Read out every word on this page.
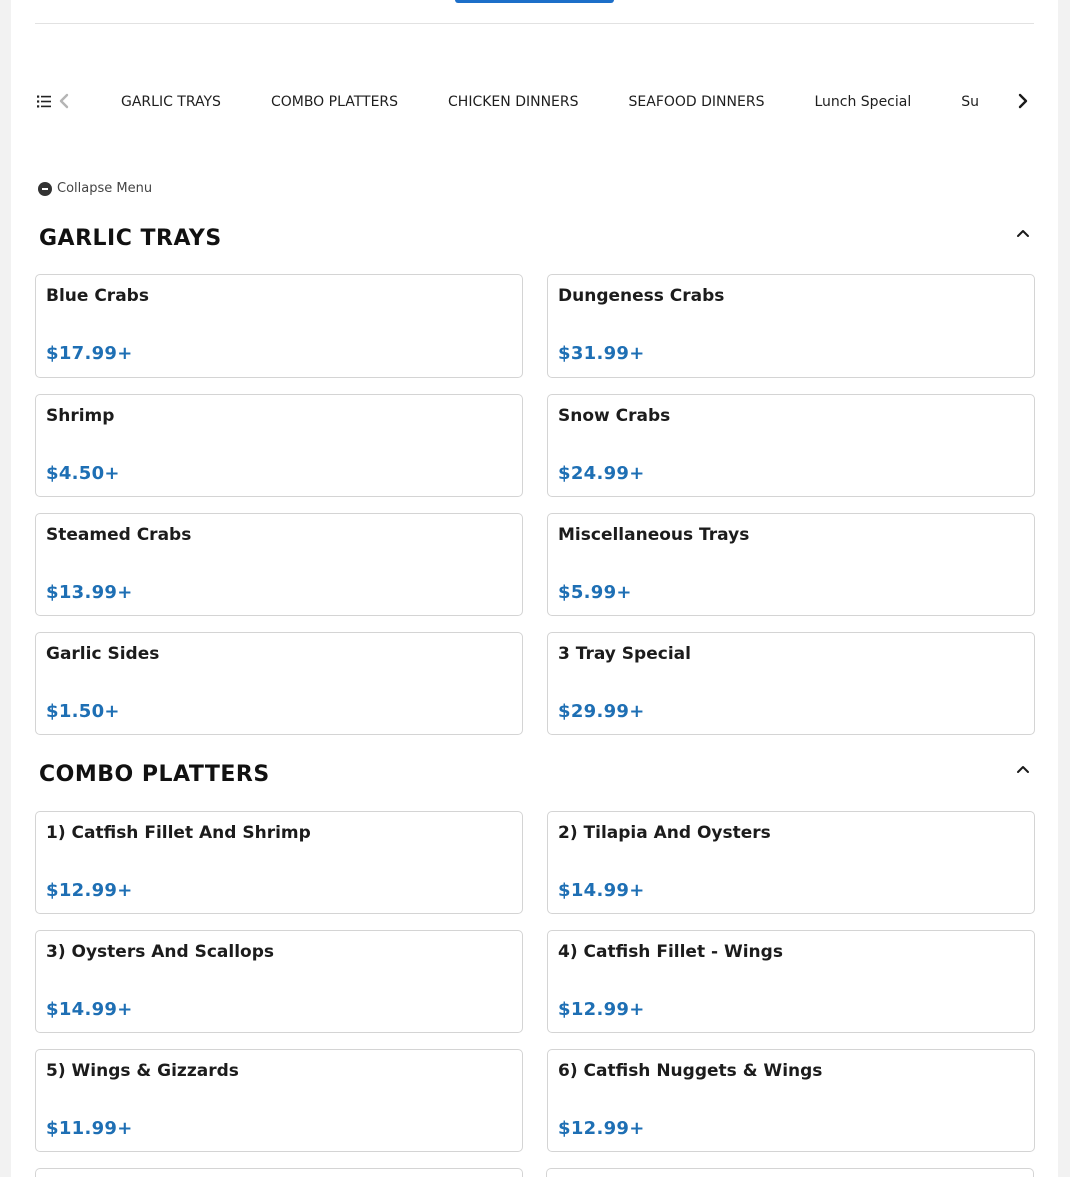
GARLIC TRAYS	COMBO PLATTERS	CHICKEN DINNERS	SEAFOOD DINNERS	Lunch Special	Su
Collapse Menu
GARLIC TRAYS
Blue Crabs
$17.99+
Dungeness Crabs
$31.99+
Shrimp
$4.50+
Snow Crabs
$24.99+
Steamed Crabs
$13.99+
Miscellaneous Trays
$5.99+
Garlic Sides
$1.50+
3 Tray Special
$29.99+
COMBO PLATTERS
1) Catfish Fillet And Shrimp
$12.99+
2) Tilapia And Oysters
$14.99+
3) Oysters And Scallops
$14.99+
4) Catfish Fillet - Wings
$12.99+
5) Wings & Gizzards
$11.99+
6) Catfish Nuggets & Wings
$12.99+
